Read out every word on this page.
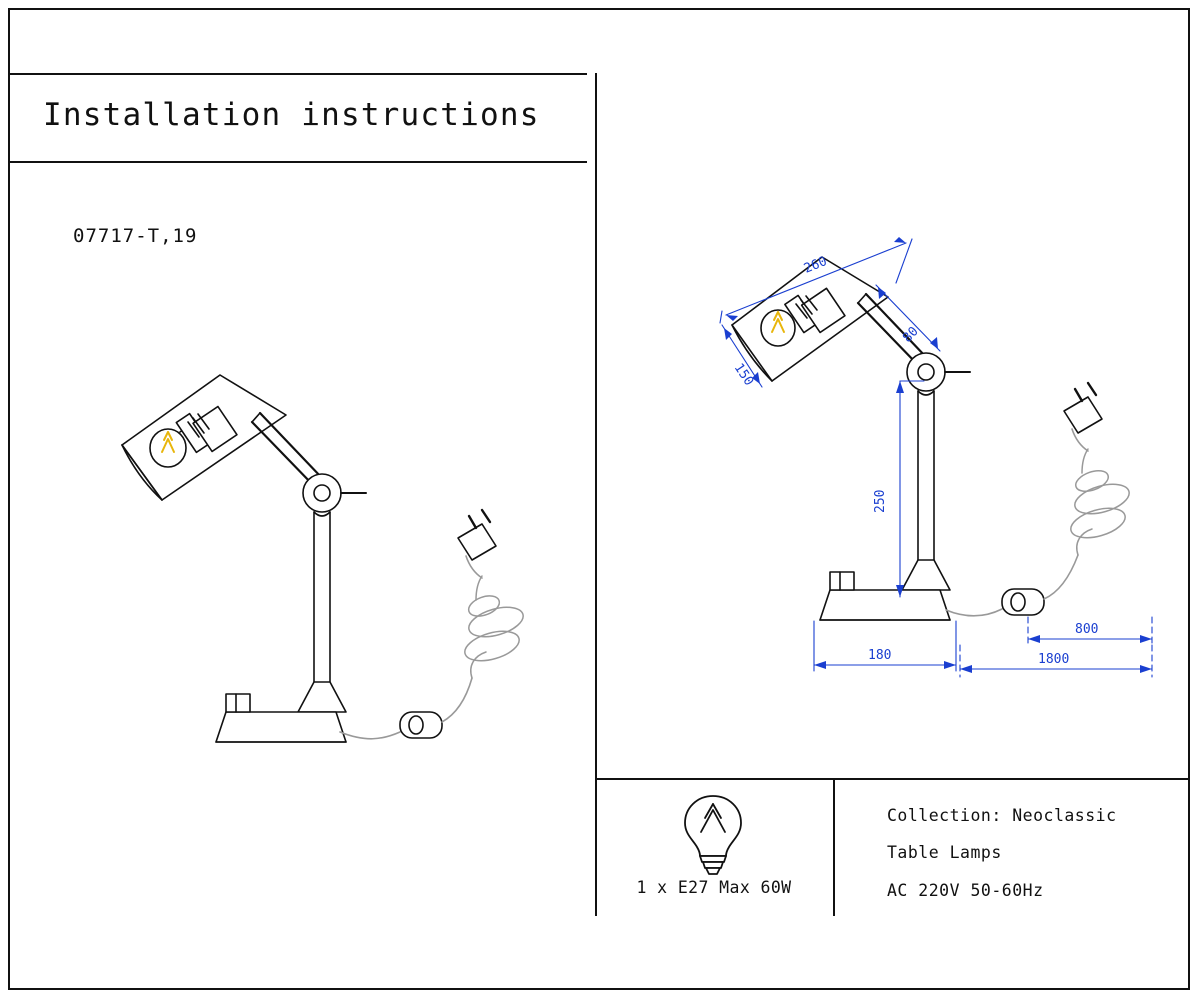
Installation instructions
07717-T,19
260
150
80
250
180
800
1800
1 x E27 Max 60W
Collection: Neoclassic
Table Lamps
AC 220V 50-60Hz
